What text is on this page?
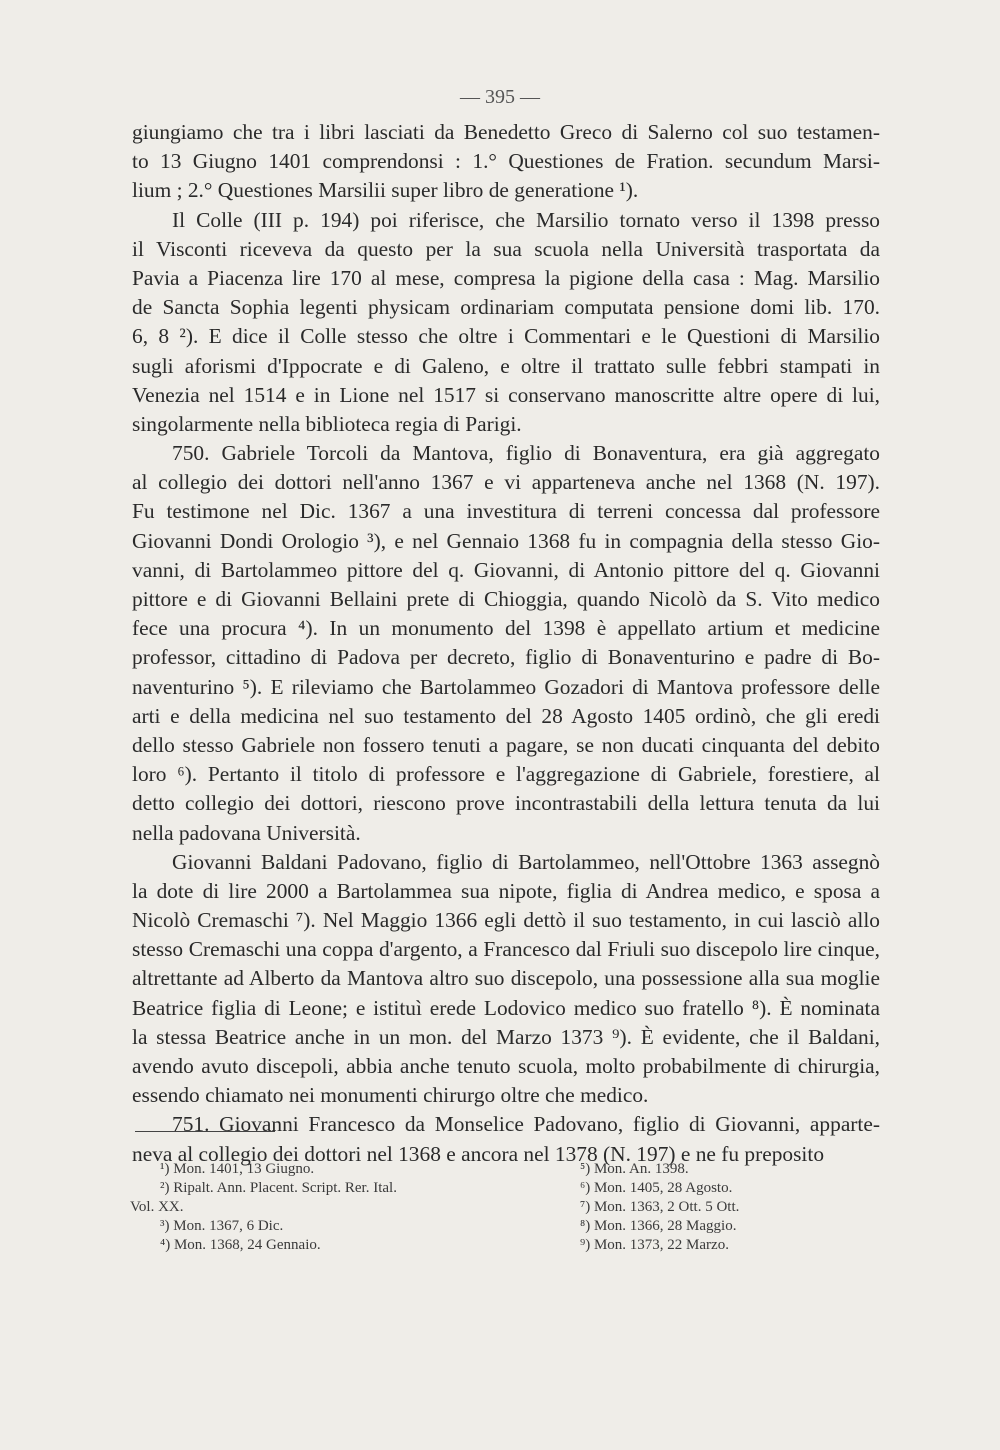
— 395 —
giungiamo che tra i libri lasciati da Benedetto Greco di Salerno col suo testamen-
to 13 Giugno 1401 comprendonsi : 1.° Questiones de Fration. secundum Marsi-
lium ; 2.° Questiones Marsilii super libro de generatione ¹).
Il Colle (III p. 194) poi riferisce, che Marsilio tornato verso il 1398 presso
il Visconti riceveva da questo per la sua scuola nella Università trasportata da
Pavia a Piacenza lire 170 al mese, compresa la pigione della casa : Mag. Marsilio
de Sancta Sophia legenti physicam ordinariam computata pensione domi lib. 170.
6, 8 ²). E dice il Colle stesso che oltre i Commentari e le Questioni di Marsilio
sugli aforismi d'Ippocrate e di Galeno, e oltre il trattato sulle febbri stampati in
Venezia nel 1514 e in Lione nel 1517 si conservano manoscritte altre opere di lui,
singolarmente nella biblioteca regia di Parigi.
750. Gabriele Torcoli da Mantova, figlio di Bonaventura, era già aggregato
al collegio dei dottori nell'anno 1367 e vi apparteneva anche nel 1368 (N. 197).
Fu testimone nel Dic. 1367 a una investitura di terreni concessa dal professore
Giovanni Dondi Orologio ³), e nel Gennaio 1368 fu in compagnia della stesso Gio-
vanni, di Bartolammeo pittore del q. Giovanni, di Antonio pittore del q. Giovanni
pittore e di Giovanni Bellaini prete di Chioggia, quando Nicolò da S. Vito medico
fece una procura ⁴). In un monumento del 1398 è appellato artium et medicine
professor, cittadino di Padova per decreto, figlio di Bonaventurino e padre di Bo-
naventurino ⁵). E rileviamo che Bartolammeo Gozadori di Mantova professore delle
arti e della medicina nel suo testamento del 28 Agosto 1405 ordinò, che gli eredi
dello stesso Gabriele non fossero tenuti a pagare, se non ducati cinquanta del debito
loro ⁶). Pertanto il titolo di professore e l'aggregazione di Gabriele, forestiere, al
detto collegio dei dottori, riescono prove incontrastabili della lettura tenuta da lui
nella padovana Università.
Giovanni Baldani Padovano, figlio di Bartolammeo, nell'Ottobre 1363 assegnò
la dote di lire 2000 a Bartolammea sua nipote, figlia di Andrea medico, e sposa a
Nicolò Cremaschi ⁷). Nel Maggio 1366 egli dettò il suo testamento, in cui lasciò allo
stesso Cremaschi una coppa d'argento, a Francesco dal Friuli suo discepolo lire cinque,
altrettante ad Alberto da Mantova altro suo discepolo, una possessione alla sua moglie
Beatrice figlia di Leone; e istituì erede Lodovico medico suo fratello ⁸). È nominata
la stessa Beatrice anche in un mon. del Marzo 1373 ⁹). È evidente, che il Baldani,
avendo avuto discepoli, abbia anche tenuto scuola, molto probabilmente di chirurgia,
essendo chiamato nei monumenti chirurgo oltre che medico.
751. Giovanni Francesco da Monselice Padovano, figlio di Giovanni, apparte-
neva al collegio dei dottori nel 1368 e ancora nel 1378 (N. 197) e ne fu preposito
¹) Mon. 1401, 13 Giugno.
²) Ripalt. Ann. Placent. Script. Rer. Ital.
Vol. XX.
³) Mon. 1367, 6 Dic.
⁴) Mon. 1368, 24 Gennaio.
⁵) Mon. An. 1398.
⁶) Mon. 1405, 28 Agosto.
⁷) Mon. 1363, 2 Ott. 5 Ott.
⁸) Mon. 1366, 28 Maggio.
⁹) Mon. 1373, 22 Marzo.
